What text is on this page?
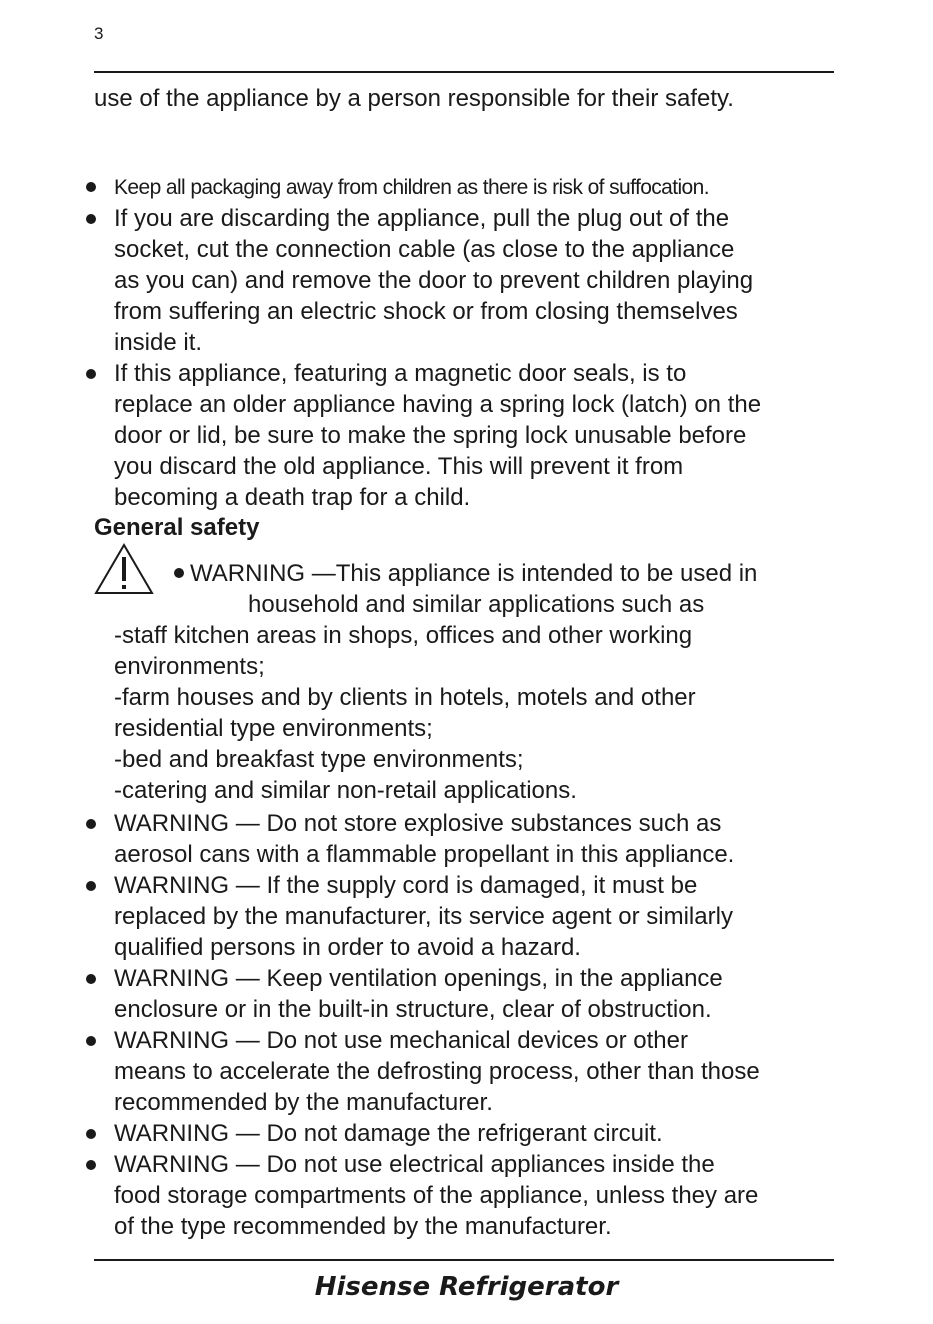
3
use of the appliance by a person responsible for their safety.
Keep all packaging away from children as there is risk of suffocation.
If you are discarding the appliance, pull the plug out of the
socket, cut the connection cable (as close to the appliance
as you can) and remove the door to prevent children playing
from suffering an electric shock or from closing themselves
inside it.
If this appliance, featuring a magnetic door seals, is to
replace an older appliance having a spring lock (latch) on the
door or lid, be sure to make the spring lock unusable before
you discard the old appliance. This will prevent it from
becoming a death trap for a child.
General safety
WARNING —This appliance is intended to be used in
household and similar applications such as
-staff kitchen areas in shops, offices and other working
environments;
-farm houses and by clients in hotels, motels and other
residential type environments;
-bed and breakfast type environments;
-catering and similar non-retail applications.
WARNING — Do not store explosive substances such as
aerosol cans with a flammable propellant in this appliance.
WARNING — If the supply cord is damaged, it must be
replaced by the manufacturer, its service agent or similarly
qualified persons in order to avoid a hazard.
WARNING — Keep ventilation openings, in the appliance
enclosure or in the built-in structure, clear of obstruction.
WARNING — Do not use mechanical devices or other
means to accelerate the defrosting process, other than those
recommended by the manufacturer.
WARNING — Do not damage the refrigerant circuit.
WARNING — Do not use electrical appliances inside the
food storage compartments of the appliance, unless they are
of the type recommended by the manufacturer.
Hisense Refrigerator
